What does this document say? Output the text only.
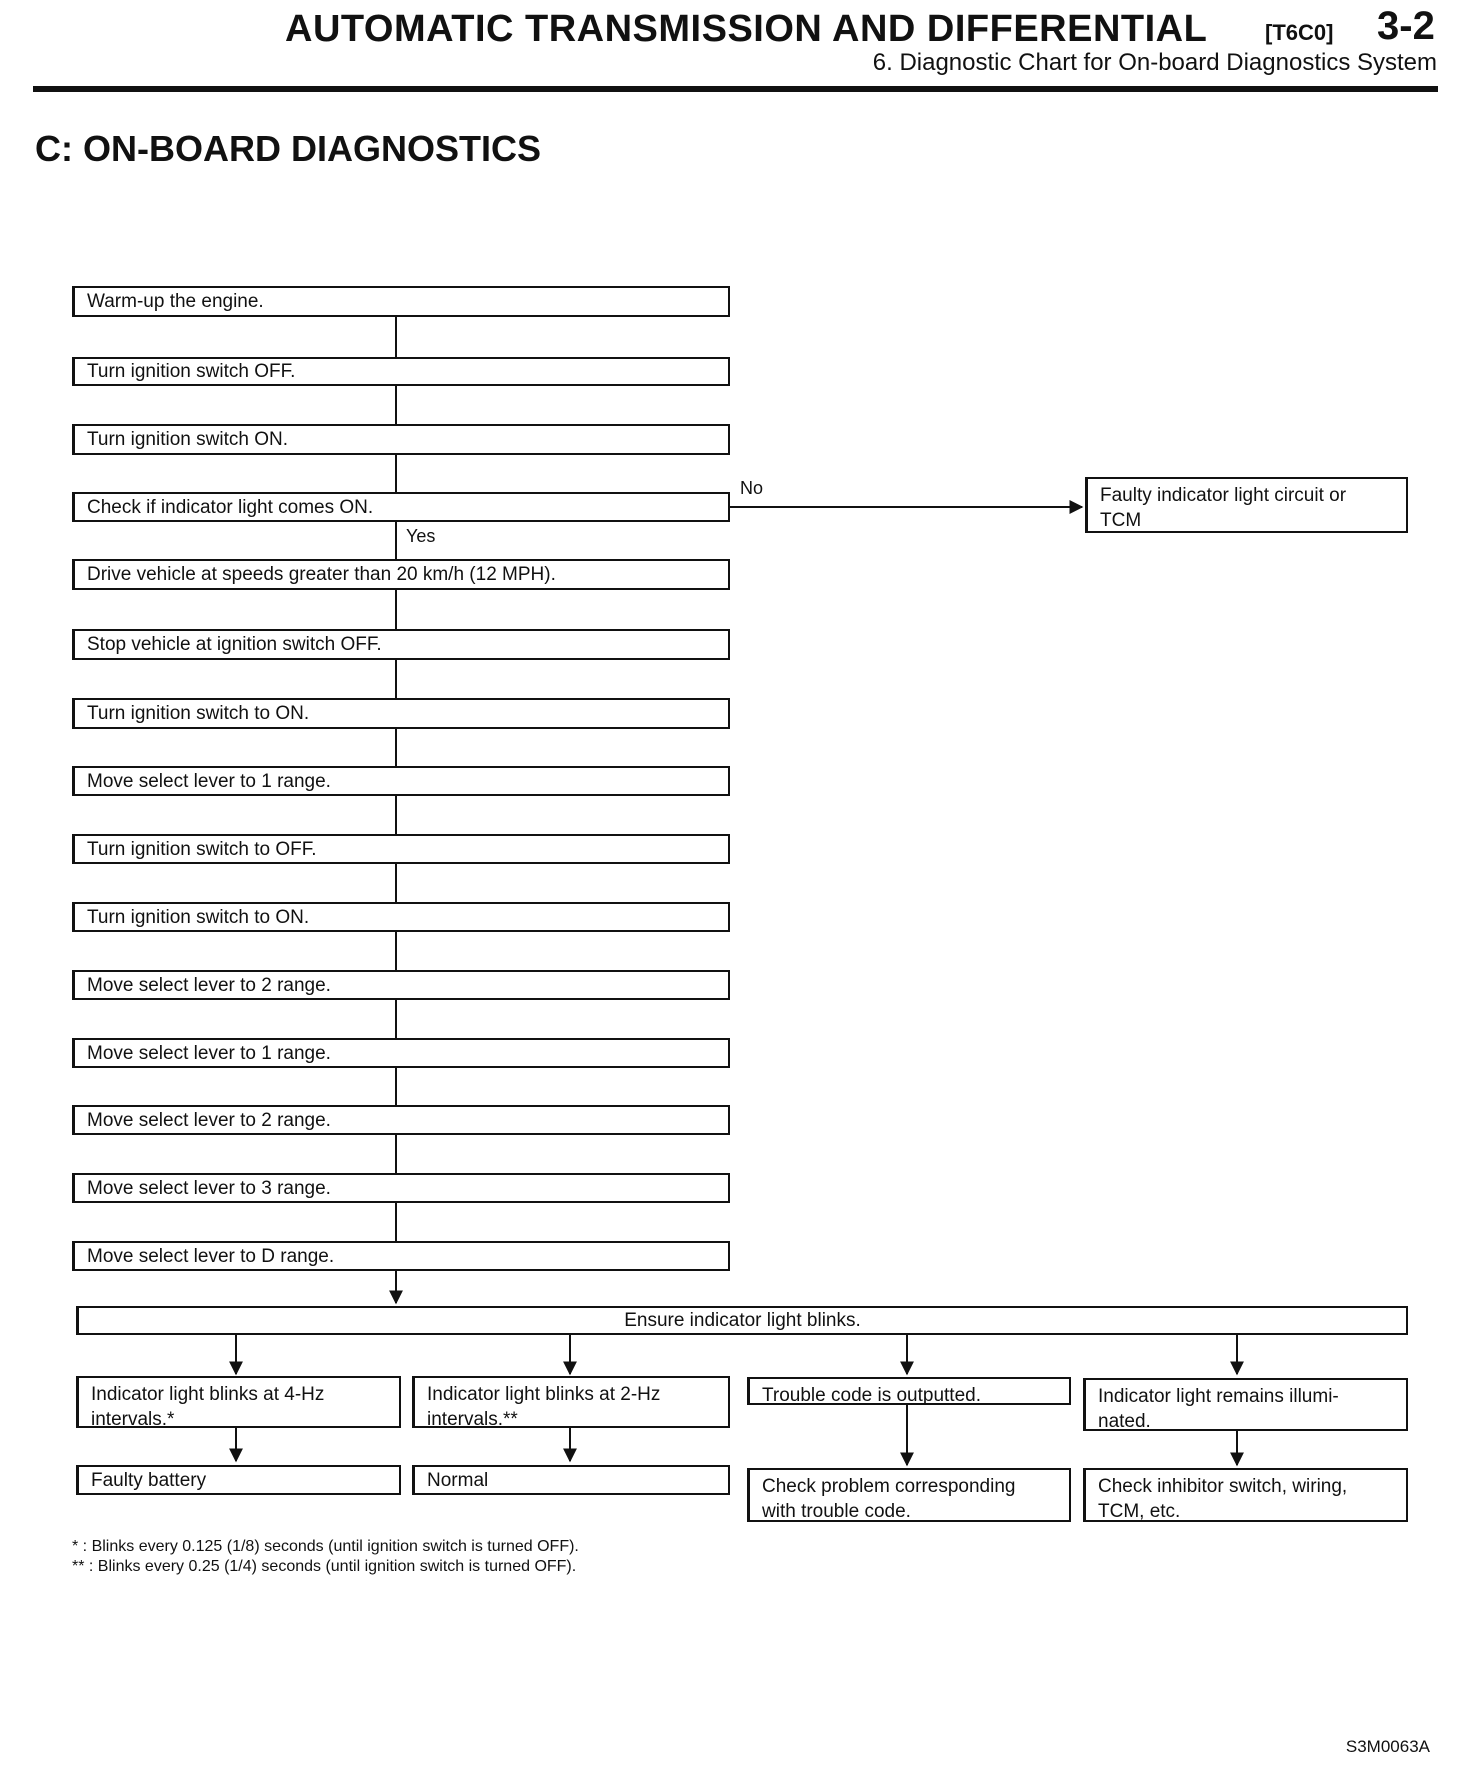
AUTOMATIC TRANSMISSION AND DIFFERENTIAL	[T6C0] 3-2
6. Diagnostic Chart for On-board Diagnostics System
C: ON-BOARD DIAGNOSTICS
Warm-up the engine.
Turn ignition switch OFF.
Turn ignition switch ON.
Check if indicator light comes ON.
Drive vehicle at speeds greater than 20 km/h (12 MPH).
Stop vehicle at ignition switch OFF.
Turn ignition switch to ON.
Move select lever to 1 range.
Turn ignition switch to OFF.
Turn ignition switch to ON.
Move select lever to 2 range.
Move select lever to 1 range.
Move select lever to 2 range.
Move select lever to 3 range.
Move select lever to D range.
No
Yes
Faulty indicator light circuit or
TCM
Ensure indicator light blinks.
Indicator light blinks at 4-Hz
intervals.*
Indicator light blinks at 2-Hz
intervals.**
Trouble code is outputted.	Indicator light remains illumi-
nated.
Faulty battery	Normal	Check problem corresponding
with trouble code.
Check inhibitor switch, wiring,
TCM, etc.
* : Blinks every 0.125 (1/8) seconds (until ignition switch is turned OFF).
** : Blinks every 0.25 (1/4) seconds (until ignition switch is turned OFF).
S3M0063A
